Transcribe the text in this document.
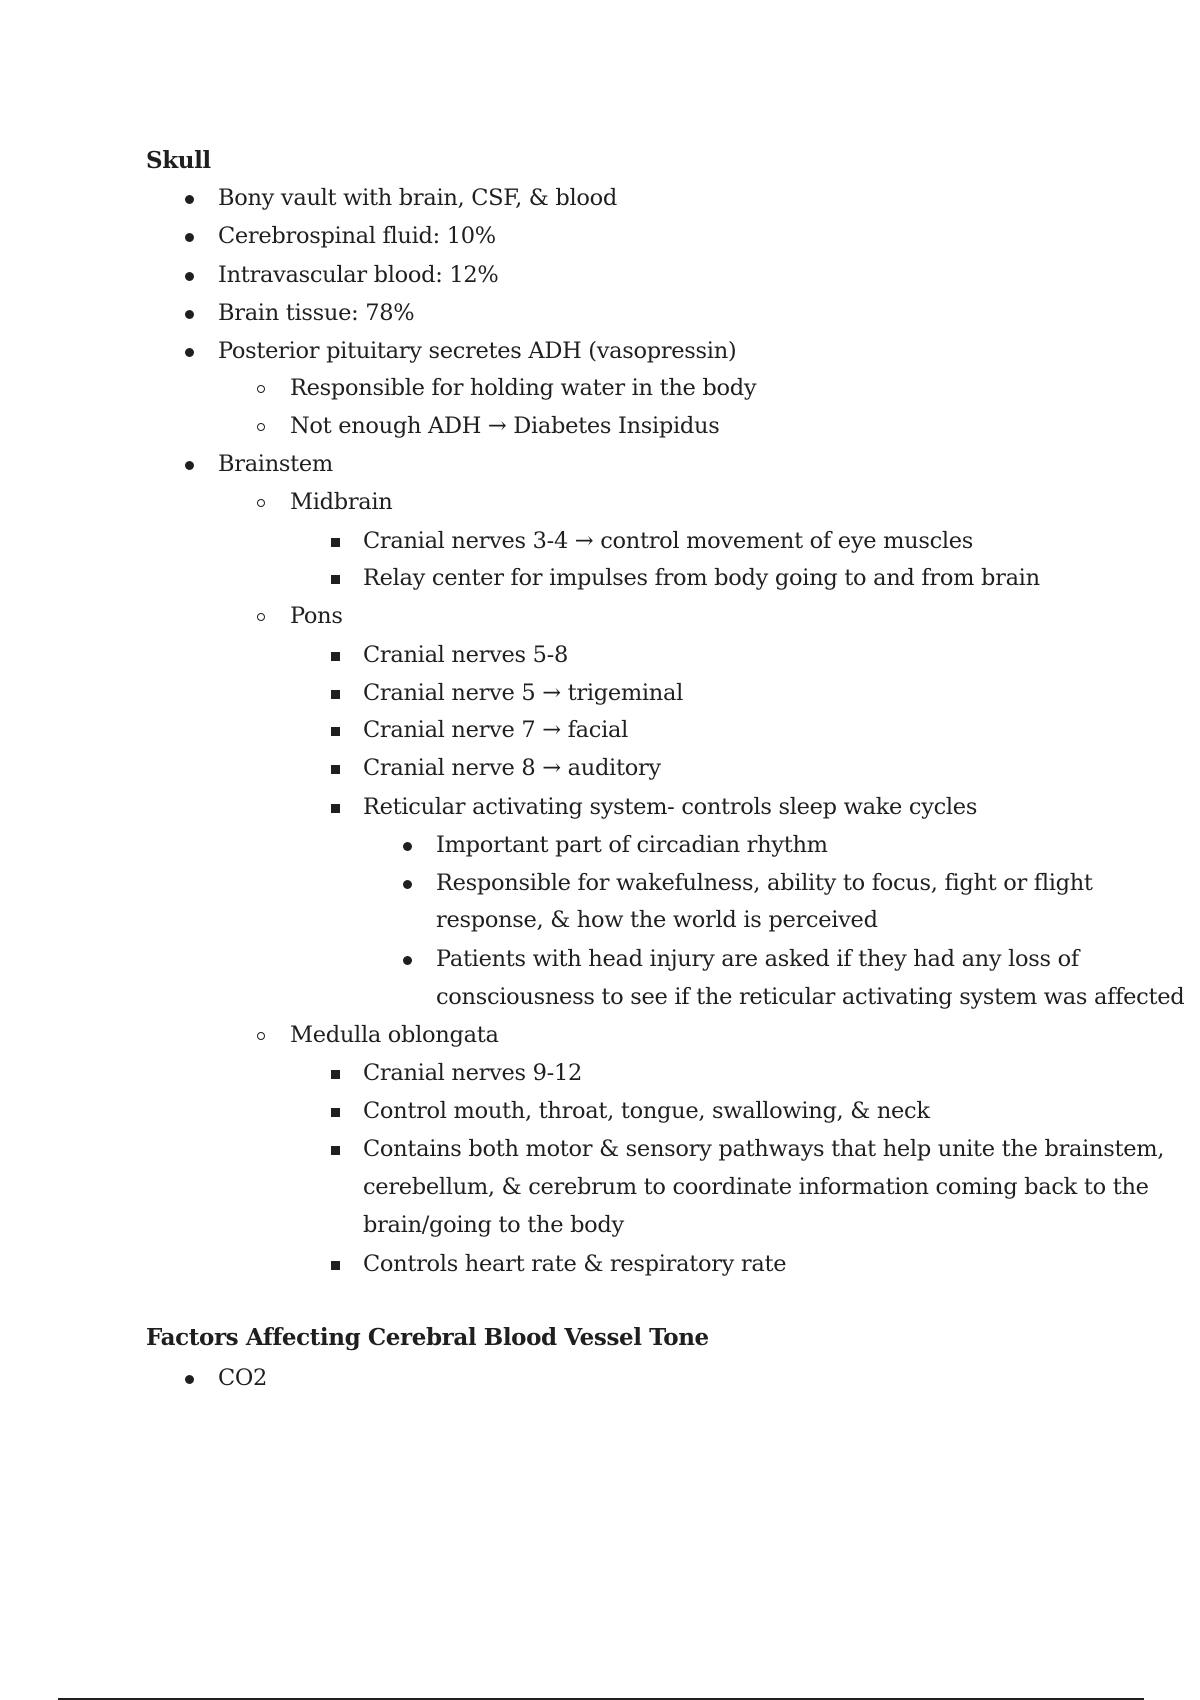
Skull

Bony vault with brain, CSF, & blood

Cerebrospinal fluid: 10%

Intravascular blood: 12%

Brain tissue: 78%

Posterior pituitary secretes ADH (vasopressin)

Responsible for holding water in the body

Not enough ADH → Diabetes Insipidus

Brainstem

Midbrain

Cranial nerves 3-4 → control movement of eye muscles

Relay center for impulses from body going to and from brain

Pons

Cranial nerves 5-8

Cranial nerve 5 → trigeminal

Cranial nerve 7 → facial

Cranial nerve 8 → auditory

Reticular activating system- controls sleep wake cycles

Important part of circadian rhythm

Responsible for wakefulness, ability to focus, fight or flight

response, & how the world is perceived

Patients with head injury are asked if they had any loss of

consciousness to see if the reticular activating system was affected

Medulla oblongata

Cranial nerves 9-12

Control mouth, throat, tongue, swallowing, & neck

Contains both motor & sensory pathways that help unite the brainstem,

cerebellum, & cerebrum to coordinate information coming back to the

brain/going to the body

Controls heart rate & respiratory rate

Factors Affecting Cerebral Blood Vessel Tone

CO2
